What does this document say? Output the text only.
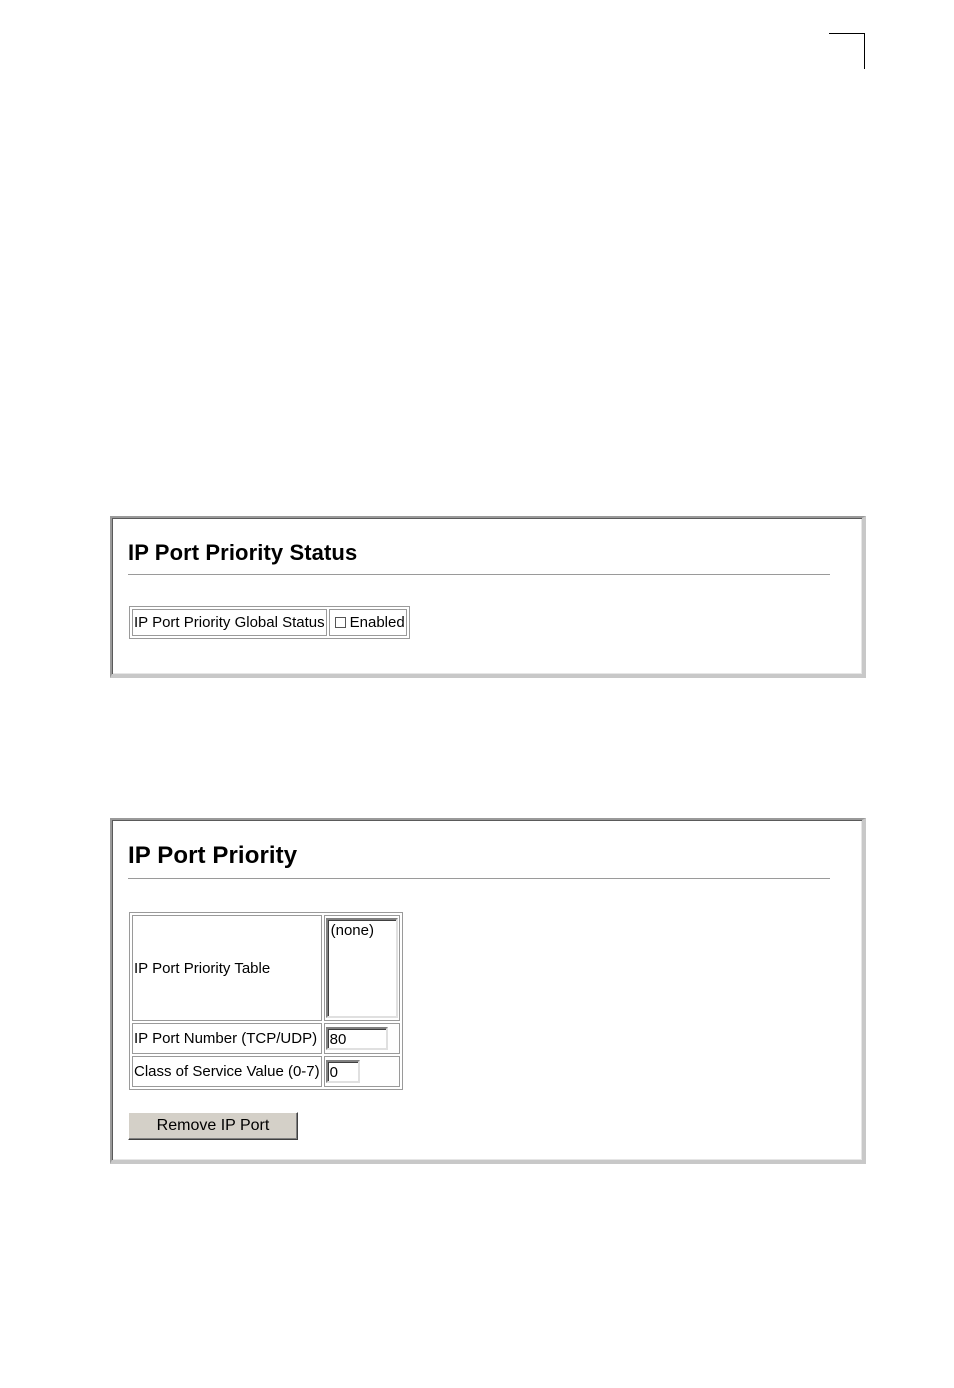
IP Port Priority Status
IP Port Priority Global Status	Enabled
IP Port Priority
IP Port Priority Table	(none)

IP Port Number (TCP/UDP)	80

Class of Service Value (0-7)	0
Remove IP Port
